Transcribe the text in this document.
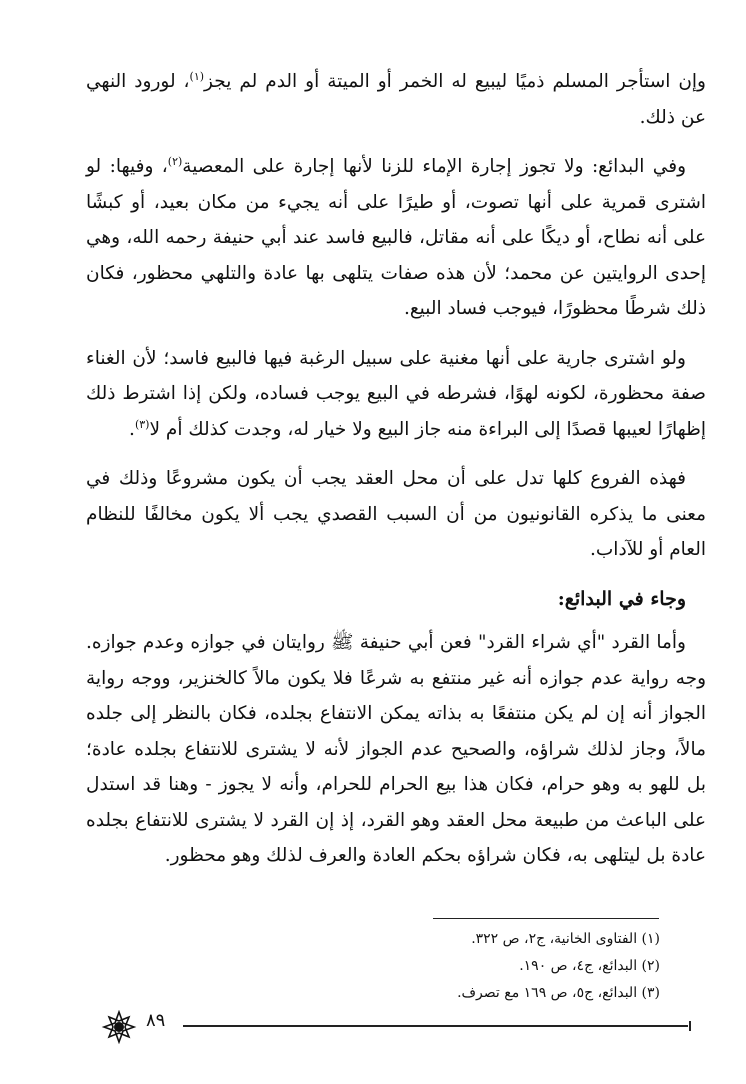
وإن استأجر المسلم ذميًا ليبيع له الخمر أو الميتة أو الدم لم يجز$^{(١)}$، لورود النهي عن ذلك.

وفي البدائع: ولا تجوز إجارة الإماء للزنا لأنها إجارة على المعصية$^{(٢)}$، وفيها: لو اشترى قمرية على أنها تصوت، أو طيرًا على أنه يجيء من مكان بعيد، أو كبشًا على أنه نطاح، أو ديكًا على أنه مقاتل، فالبيع فاسد عند أبي حنيفة رحمه الله، وهي إحدى الروايتين عن محمد؛ لأن هذه صفات يتلهى بها عادة والتلهي محظور، فكان ذلك شرطًا محظورًا، فيوجب فساد البيع.

ولو اشترى جارية على أنها مغنية على سبيل الرغبة فيها فالبيع فاسد؛ لأن الغناء صفة محظورة، لكونه لهوًا، فشرطه في البيع يوجب فساده، ولكن إذا اشترط ذلك إظهارًا لعيبها قصدًا إلى البراءة منه جاز البيع ولا خيار له، وجدت كذلك أم لا$^{(٣)}$.

فهذه الفروع كلها تدل على أن محل العقد يجب أن يكون مشروعًا وذلك في معنى ما يذكره القانونيون من أن السبب القصدي يجب ألا يكون مخالفًا للنظام العام أو للآداب.

وجاء في البدائع:

وأما القرد "أي شراء القرد" فعن أبي حنيفة ﷺ روايتان في جوازه وعدم جوازه. وجه رواية عدم جوازه أنه غير منتفع به شرعًا فلا يكون مالاً كالخنزير، ووجه رواية الجواز أنه إن لم يكن منتفعًا به بذاته يمكن الانتفاع بجلده، فكان بالنظر إلى جلده مالاً، وجاز لذلك شراؤه، والصحيح عدم الجواز لأنه لا يشترى للانتفاع بجلده عادة؛ بل للهو به وهو حرام، فكان هذا بيع الحرام للحرام، وأنه لا يجوز - وهنا قد استدل على الباعث من طبيعة محل العقد وهو القرد، إذ إن القرد لا يشترى للانتفاع بجلده عادة بل ليتلهى به، فكان شراؤه بحكم العادة والعرف لذلك وهو محظور.

(١) الفتاوى الخانية، ج٢، ص ٣٢٢.
(٢) البدائع، ج٤، ص ١٩٠.
(٣) البدائع، ج٥، ص ١٦٩ مع تصرف.
٨٩
